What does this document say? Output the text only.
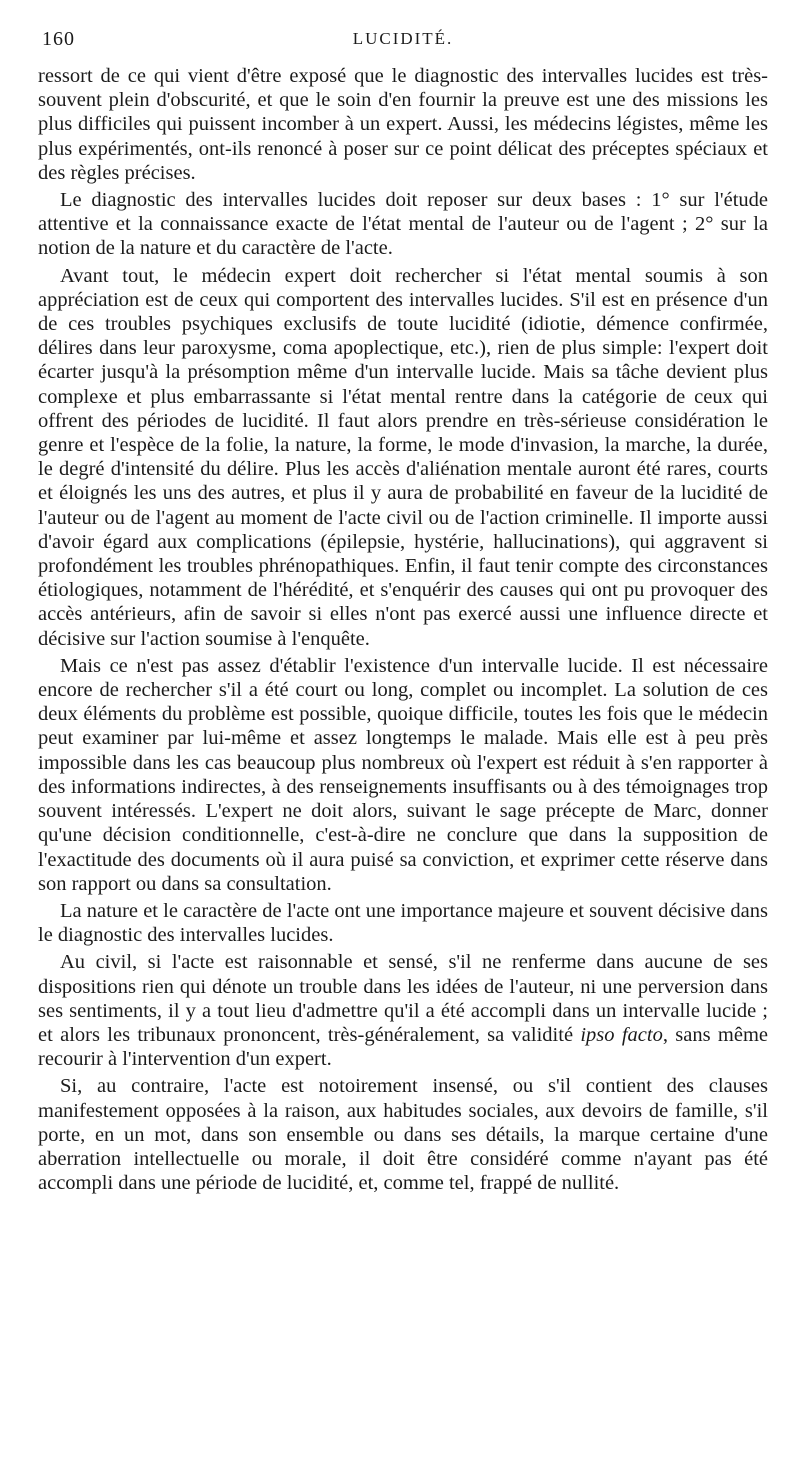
160	LUCIDITÉ.

ressort de ce qui vient d'être exposé que le diagnostic des intervalles lucides est très-souvent plein d'obscurité, et que le soin d'en fournir la preuve est une des missions les plus difficiles qui puissent incomber à un expert. Aussi, les médecins légistes, même les plus expérimentés, ont-ils renoncé à poser sur ce point délicat des préceptes spéciaux et des règles précises.

Le diagnostic des intervalles lucides doit reposer sur deux bases : 1° sur l'étude attentive et la connaissance exacte de l'état mental de l'auteur ou de l'agent ; 2° sur la notion de la nature et du caractère de l'acte.

Avant tout, le médecin expert doit rechercher si l'état mental soumis à son appréciation est de ceux qui comportent des intervalles lucides. S'il est en présence d'un de ces troubles psychiques exclusifs de toute lucidité (idiotie, démence confirmée, délires dans leur paroxysme, coma apoplectique, etc.), rien de plus simple: l'expert doit écarter jusqu'à la présomption même d'un intervalle lucide. Mais sa tâche devient plus complexe et plus embarrassante si l'état mental rentre dans la catégorie de ceux qui offrent des périodes de lucidité. Il faut alors prendre en très-sérieuse considération le genre et l'espèce de la folie, la nature, la forme, le mode d'invasion, la marche, la durée, le degré d'intensité du délire. Plus les accès d'aliénation mentale auront été rares, courts et éloignés les uns des autres, et plus il y aura de probabilité en faveur de la lucidité de l'auteur ou de l'agent au moment de l'acte civil ou de l'action criminelle. Il importe aussi d'avoir égard aux complications (épilepsie, hystérie, hallucinations), qui aggravent si profondément les troubles phrénopathiques. Enfin, il faut tenir compte des circonstances étiologiques, notamment de l'hérédité, et s'enquérir des causes qui ont pu provoquer des accès antérieurs, afin de savoir si elles n'ont pas exercé aussi une influence directe et décisive sur l'action soumise à l'enquête.

Mais ce n'est pas assez d'établir l'existence d'un intervalle lucide. Il est nécessaire encore de rechercher s'il a été court ou long, complet ou incomplet. La solution de ces deux éléments du problème est possible, quoique difficile, toutes les fois que le médecin peut examiner par lui-même et assez longtemps le malade. Mais elle est à peu près impossible dans les cas beaucoup plus nombreux où l'expert est réduit à s'en rapporter à des informations indirectes, à des renseignements insuffisants ou à des témoignages trop souvent intéressés. L'expert ne doit alors, suivant le sage précepte de Marc, donner qu'une décision conditionnelle, c'est-à-dire ne conclure que dans la supposition de l'exactitude des documents où il aura puisé sa conviction, et exprimer cette réserve dans son rapport ou dans sa consultation.

La nature et le caractère de l'acte ont une importance majeure et souvent décisive dans le diagnostic des intervalles lucides.

Au civil, si l'acte est raisonnable et sensé, s'il ne renferme dans aucune de ses dispositions rien qui dénote un trouble dans les idées de l'auteur, ni une perversion dans ses sentiments, il y a tout lieu d'admettre qu'il a été accompli dans un intervalle lucide ; et alors les tribunaux prononcent, très-généralement, sa validité ipso facto, sans même recourir à l'intervention d'un expert.

Si, au contraire, l'acte est notoirement insensé, ou s'il contient des clauses manifestement opposées à la raison, aux habitudes sociales, aux devoirs de famille, s'il porte, en un mot, dans son ensemble ou dans ses détails, la marque certaine d'une aberration intellectuelle ou morale, il doit être considéré comme n'ayant pas été accompli dans une période de lucidité, et, comme tel, frappé de nullité.
